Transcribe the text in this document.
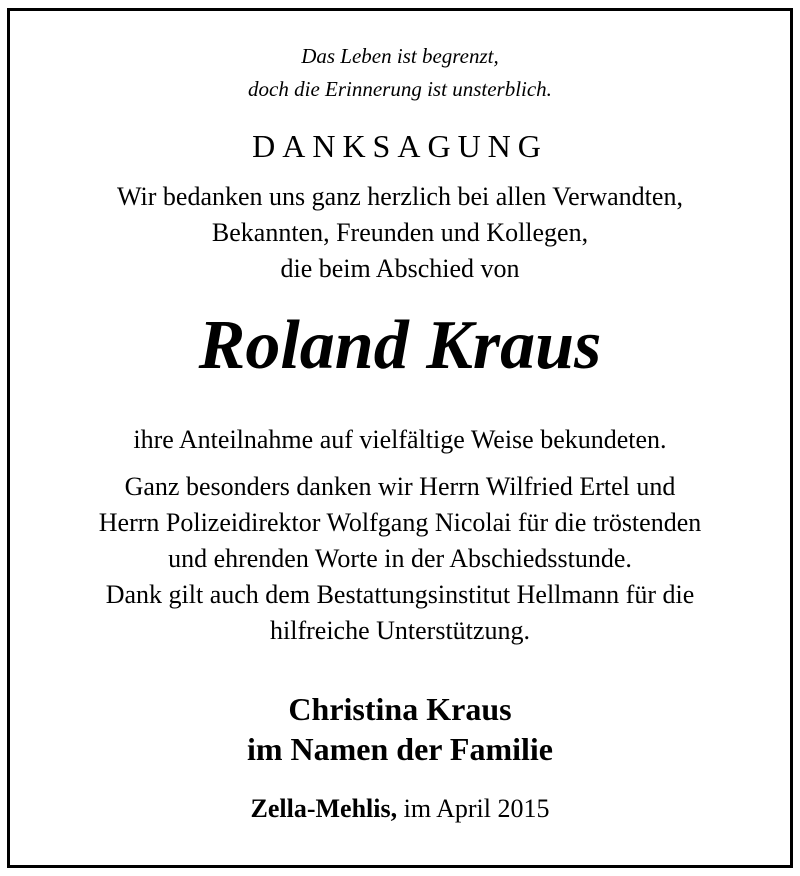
Das Leben ist begrenzt,
doch die Erinnerung ist unsterblich.
DANKSAGUNG
Wir bedanken uns ganz herzlich bei allen Verwandten,
Bekannten, Freunden und Kollegen,
die beim Abschied von
Roland Kraus
ihre Anteilnahme auf vielfältige Weise bekundeten.
Ganz besonders danken wir Herrn Wilfried Ertel und
Herrn Polizeidirektor Wolfgang Nicolai für die tröstenden
und ehrenden Worte in der Abschiedsstunde.
Dank gilt auch dem Bestattungsinstitut Hellmann für die
hilfreiche Unterstützung.
Christina Kraus
im Namen der Familie
Zella-Mehlis, im April 2015
